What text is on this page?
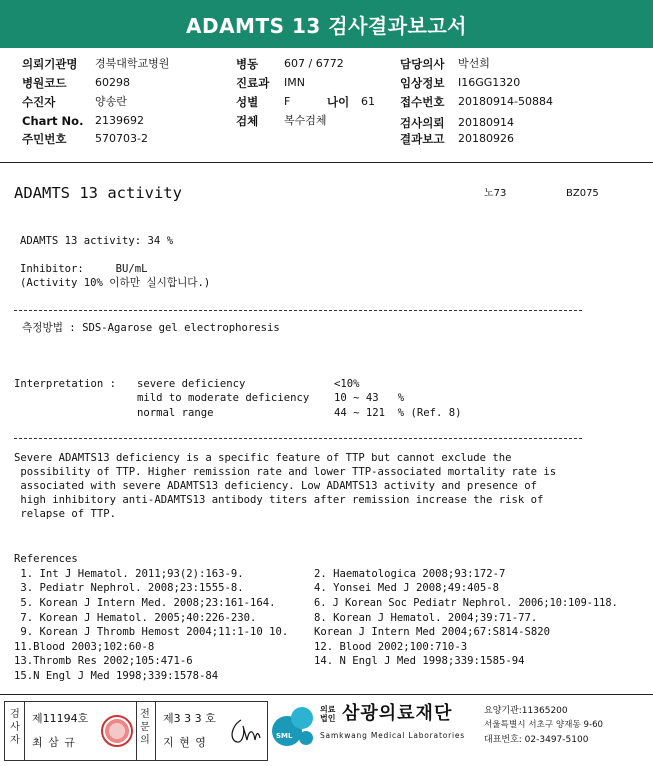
ADAMTS 13 검사결과보고서
의뢰기관명 경북대학교병원
병원코드	60298
수진자	양송란
Chart No. 2139692
주민번호	570703-2
병동 607 / 6772
진료과 IMN
성별 F	나이 61
검체 복수검체
담당의사 박선희
임상정보 I16GG1320
접수번호 20180914-50884
검사의뢰 20180914
결과보고 20180926
ADAMTS 13 activity	노73	BZ075
ADAMTS 13 activity: 34 %
Inhibitor:     BU/mL
(Activity 10% 이하만 실시합니다.)
측정방법 : SDS-Agarose gel electrophoresis
Interpretation : severe deficiency	<10%
mild to moderate deficiency 10 ~ 43   %
normal range	44 ~ 121  % (Ref. 8)
Severe ADAMTS13 deficiency is a specific feature of TTP but cannot exclude the
possibility of TTP. Higher remission rate and lower TTP-associated mortality rate is
associated with severe ADAMTS13 deficiency. Low ADAMTS13 activity and presence of
high inhibitory anti-ADAMTS13 antibody titers after remission increase the risk of
relapse of TTP.
References
1. Int J Hematol. 2011;93(2):163-9.
3. Pediatr Nephrol. 2008;23:1555-8.
5. Korean J Intern Med. 2008;23:161-164.
7. Korean J Hematol. 2005;40:226-230.
9. Korean J Thromb Hemost 2004;11:1-10 10.
11.Blood 2003;102:60-8
13.Thromb Res 2002;105:471-6
15.N Engl J Med 1998;339:1578-84
2. Haematologica 2008;93:172-7
4. Yonsei Med J 2008;49:405-8
6. J Korean Soc Pediatr Nephrol. 2006;10:109-118.
8. Korean J Hematol. 2004;39:71-77.
Korean J Intern Med 2004;67:S814-S820
12. Blood 2002;100:710-3
14. N Engl J Med 1998;339:1585-94
검사자
제11194호
최 삼 규
전문의
제3 3 3 호
지 현 영	SML
의료
법인 삼광의료재단
Samkwang Medical Laboratories
요양기관:11365200
서울특별시 서초구 양재동 9-60
대표번호: 02-3497-5100
